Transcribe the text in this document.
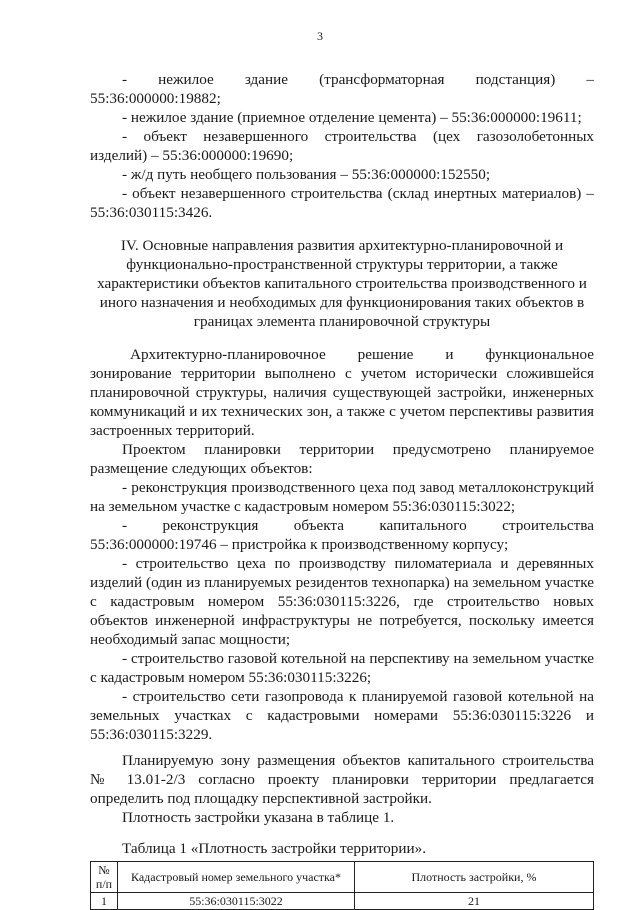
3

- нежилое здание (трансформаторная подстанция) –

55:36:000000:19882;

- нежилое здание (приемное отделение цемента) – 55:36:000000:19611;

- объект незавершенного строительства (цех газозолобетонных

изделий) – 55:36:000000:19690;

- ж/д путь необщего пользования – 55:36:000000:152550;

- объект незавершенного строительства (склад инертных материалов) –

55:36:030115:3426.

IV. Основные направления развития архитектурно-планировочной и функционально-пространственной структуры территории, а также характеристики объектов капитального строительства производственного и иного назначения и необходимых для функционирования таких объектов в границах элемента планировочной структуры

Архитектурно-планировочное решение и функциональное зонирование территории выполнено с учетом исторически сложившейся планировочной структуры, наличия существующей застройки, инженерных коммуникаций и их технических зон, а также с учетом перспективы развития застроенных территорий.

Проектом планировки территории предусмотрено планируемое размещение следующих объектов:

- реконструкция производственного цеха под завод металлоконструкций на земельном участке с кадастровым номером 55:36:030115:3022;

- реконструкция объекта капитального строительства 55:36:000000:19746 – пристройка к производственному корпусу;

- строительство цеха по производству пиломатериала и деревянных изделий (один из планируемых резидентов технопарка) на земельном участке с кадастровым номером 55:36:030115:3226, где строительство новых объектов инженерной инфраструктуры не потребуется, поскольку имеется необходимый запас мощности;

- строительство газовой котельной на перспективу на земельном участке с кадастровым номером 55:36:030115:3226;

- строительство сети газопровода к планируемой газовой котельной на земельных участках с кадастровыми номерами 55:36:030115:3226 и 55:36:030115:3229.

Планируемую зону размещения объектов капитального строительства № 13.01-2/3 согласно проекту планировки территории предлагается определить под площадку перспективной застройки.

Плотность застройки указана в таблице 1.

Таблица 1 «Плотность застройки территории».

№ п/п	Кадастровый номер земельного участка*	Плотность застройки, %
1	55:36:030115:3022	21
